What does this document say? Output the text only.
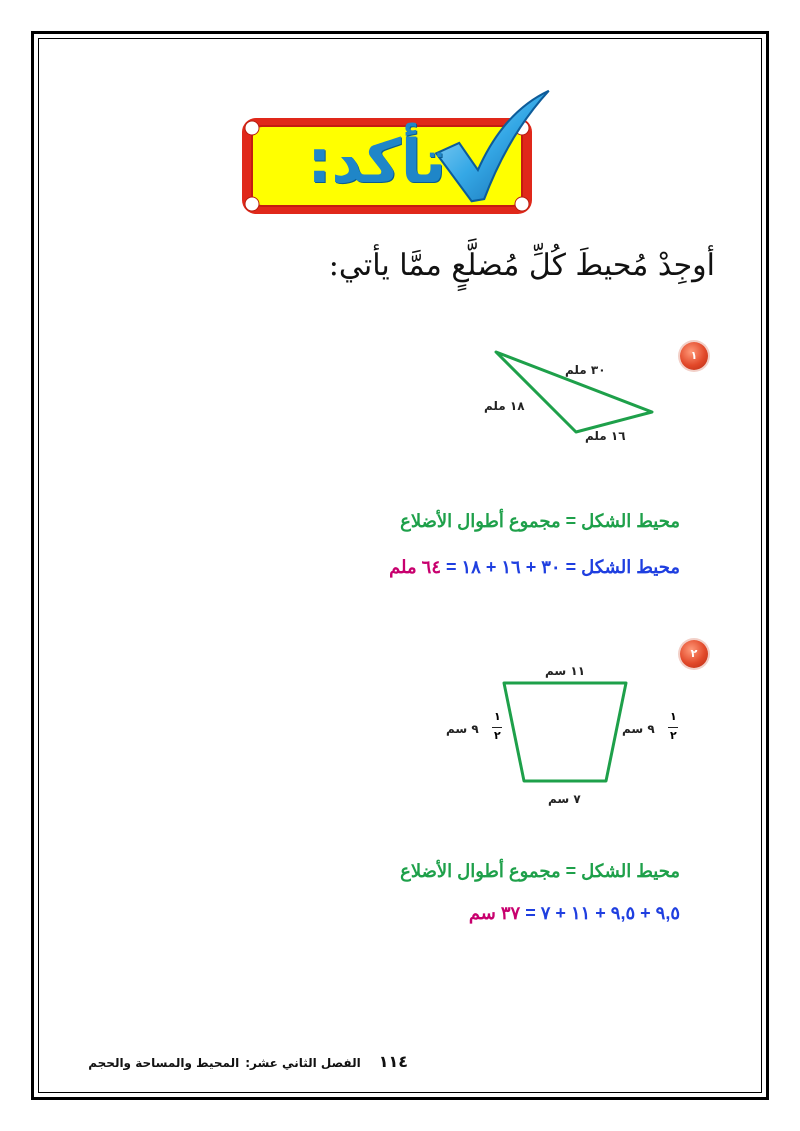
تأكد:
أوجِدْ مُحيطَ كُلِّ مُضلَّعٍ ممَّا يأتي:
١
٣٠ ملم
١٨ ملم
١٦ ملم
محيط الشكل = مجموع أطوال الأضلاع
محيط الشكل = ٣٠ + ١٦ + ١٨ = ٦٤ ملم
٢
١١ سم
٧ سم
٩ سم
١
٢	٩ سم
١
٢
محيط الشكل = مجموع أطوال الأضلاع
٩,٥ + ٩,٥ + ١١ + ٧ = ٣٧ سم
١١٤الفصل الثاني عشر:المحيط والمساحة والحجم
